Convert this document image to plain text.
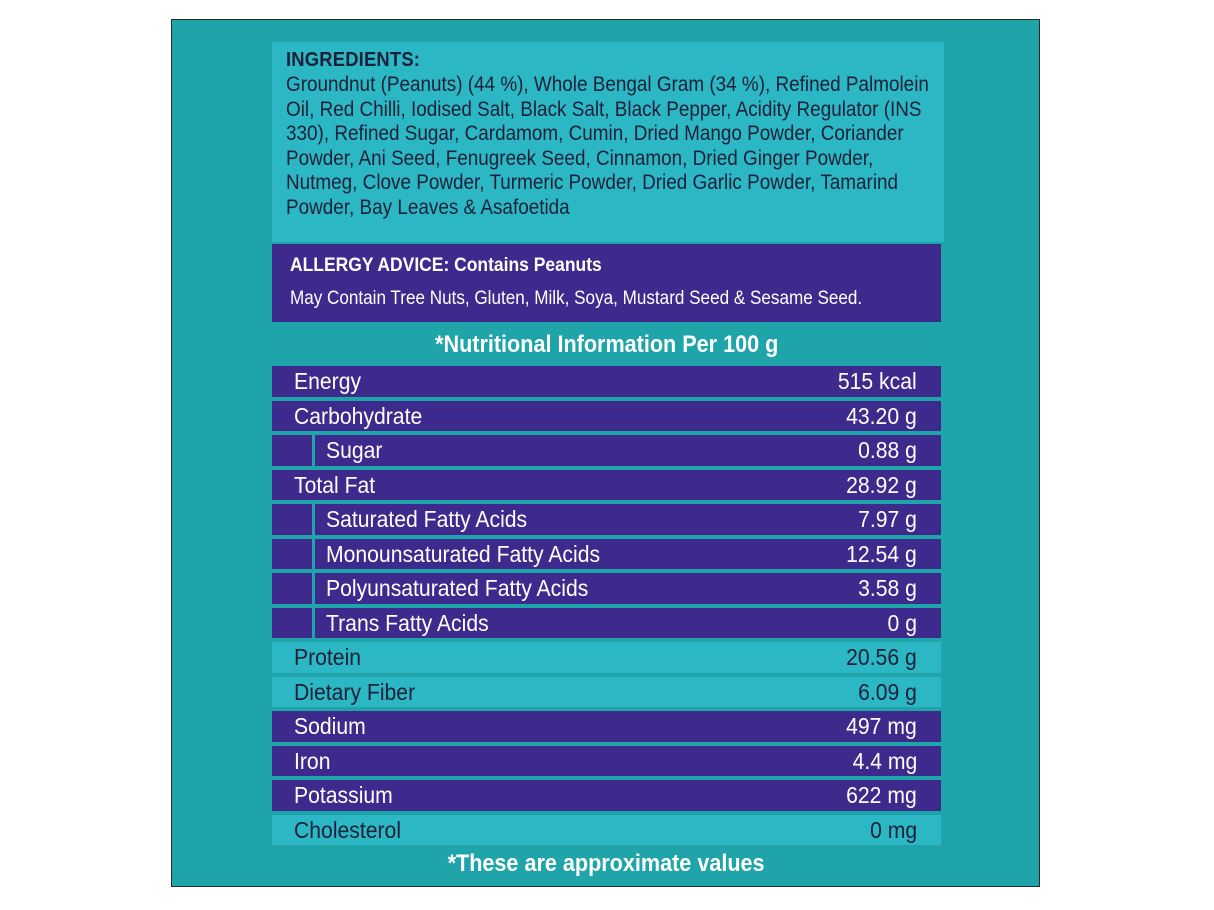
INGREDIENTS:
Groundnut (Peanuts) (44 %), Whole Bengal Gram (34 %), Refined Palmolein Oil, Red Chilli, Iodised Salt, Black Salt, Black Pepper, Acidity Regulator (INS 330), Refined Sugar, Cardamom, Cumin, Dried Mango Powder, Coriander Powder, Ani Seed, Fenugreek Seed, Cinnamon, Dried Ginger Powder, Nutmeg, Clove Powder, Turmeric Powder, Dried Garlic Powder, Tamarind Powder, Bay Leaves & Asafoetida
ALLERGY ADVICE: Contains Peanuts
May Contain Tree Nuts, Gluten, Milk, Soya, Mustard Seed & Sesame Seed.
*Nutritional Information Per 100 g
Energy	515 kcal
Carbohydrate	43.20 g
Sugar	0.88 g
Total Fat	28.92 g
Saturated Fatty Acids	7.97 g
Monounsaturated Fatty Acids	12.54 g
Polyunsaturated Fatty Acids	3.58 g
Trans Fatty Acids	0 g
Protein	20.56 g
Dietary Fiber	6.09 g
Sodium	497 mg
Iron	4.4 mg
Potassium	622 mg
Cholesterol	0 mg
*These are approximate values
